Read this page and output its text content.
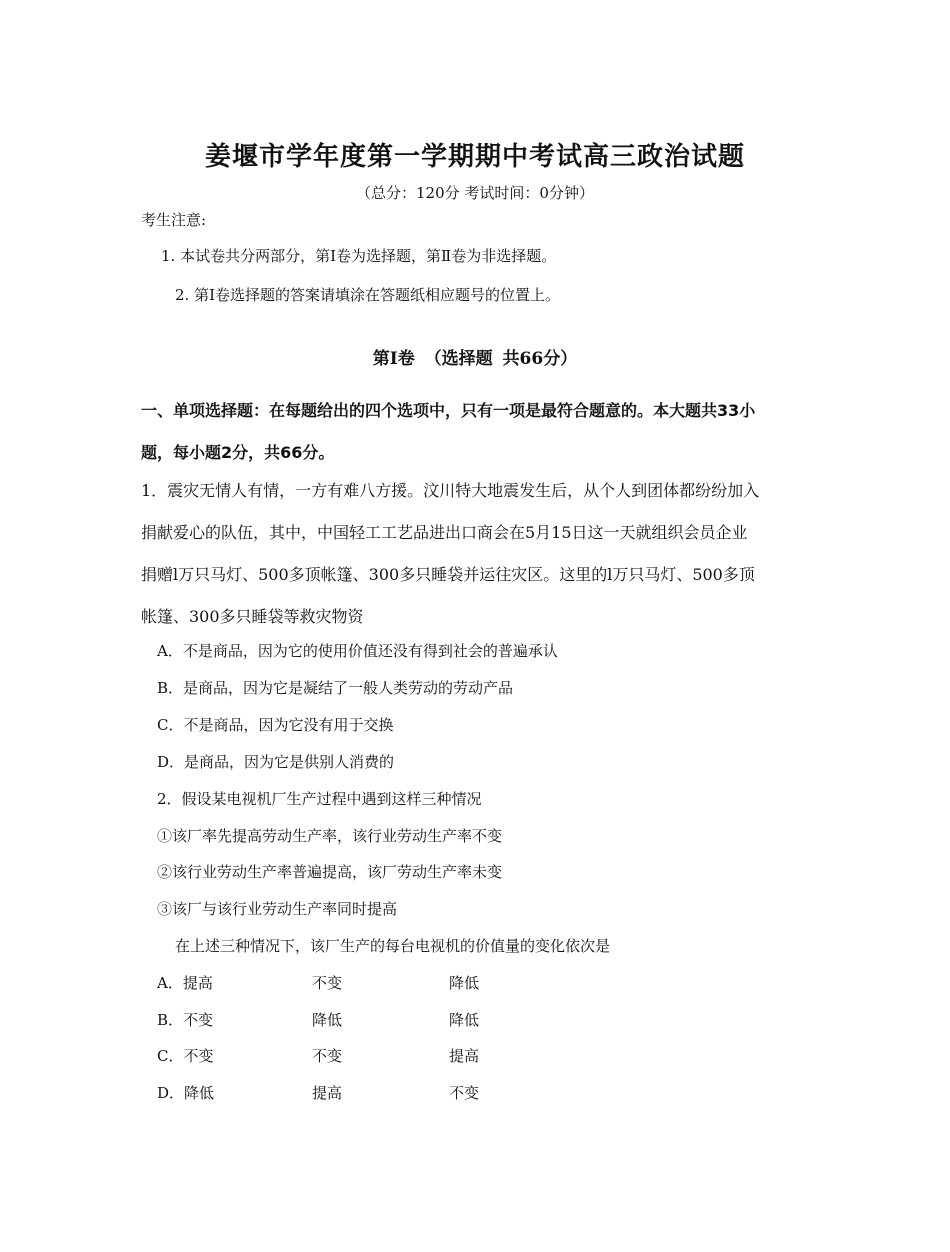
姜堰市学年度第一学期期中考试高三政治试题
（总分：120分 考试时间：0分钟）
考生注意:
1. 本试卷共分两部分，第Ⅰ卷为选择题，第Ⅱ卷为非选择题。
2. 第Ⅰ卷选择题的答案请填涂在答题纸相应题号的位置上。
第Ⅰ卷 （选择题 共66分）
一、单项选择题：在每题给出的四个选项中，只有一项是最符合题意的。本大题共33小
题，每小题2分，共66分。
1．震灾无情人有情，一方有难八方援。汶川特大地震发生后，从个人到团体都纷纷加入
捐献爱心的队伍，其中，中国轻工工艺品进出口商会在5月15日这一天就组织会员企业
捐赠l万只马灯、500多顶帐篷、300多只睡袋并运往灾区。这里的l万只马灯、500多顶
帐篷、300多只睡袋等救灾物资
A．不是商品，因为它的使用价值还没有得到社会的普遍承认
B．是商品，因为它是凝结了一般人类劳动的劳动产品
C．不是商品，因为它没有用于交换
D．是商品，因为它是供别人消费的
2．假设某电视机厂生产过程中遇到这样三种情况
①该厂率先提高劳动生产率，该行业劳动生产率不变
②该行业劳动生产率普遍提高，该厂劳动生产率未变
③该厂与该行业劳动生产率同时提高
在上述三种情况下，该厂生产的每台电视机的价值量的变化依次是
A．提高	不变	降低
B．不变	降低	降低
C．不变	不变	提高
D．降低	提高	不变
